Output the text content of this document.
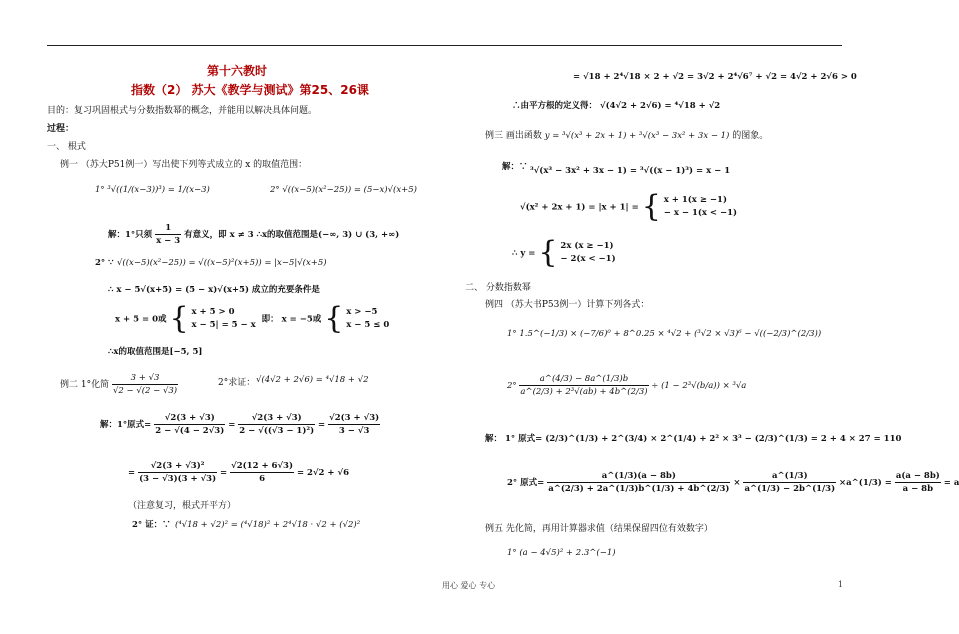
第十六教时
指数（2） 苏大《教学与测试》第25、26课
目的：复习巩固根式与分数指数幂的概念，并能用以解决具体问题。
过程：
一、 根式
例一 （苏大P51例一）写出使下列等式成立的 x 的取值范围：
1° ³√((1/(x−3))³) = 1/(x−3)	2° √((x−5)(x²−25)) = (5−x)√(x+5)
解：1°只须 $\frac{1}{x - 3}$ 有意义，即 x ≠ 3 ∴x的取值范围是(−∞, 3) ∪ (3, +∞)
2° ∵ √((x−5)(x²−25)) = √((x−5)²(x+5)) = |x−5|√(x+5)
∴ x − 5√(x+5) = (5 − x)√(x+5) 成立的充要条件是
x + 5 = 0或 { x + 5 > 0
x − 5| = 5 − x
即： x = −5或 { x > −5
x − 5 ≤ 0
∴x的取值范围是[−5, 5]
例二 1°化简 $\frac{3 + √3}{√2 - √(2 - √3)}$	2°求证： √(4√2 + 2√6) = ⁴√18 + √2
解：1°原式= $\frac{√2(3 + √3)}{2 - √(4 - 2√3)} = \frac{√2(3 + √3)}{\text{2 − √((√3 − 1)²)}} = \frac{√2(3 + √3)}{3 - √3}$
= $\frac{\text{√2(3 + √3)²}}{(3 - √3)(3 + √3)} = \frac{√2(12 + 6√3)}{6} = 2√2 + √6$
（注意复习，根式开平方）
2° 证：∵ (⁴√18 + √2)² = (⁴√18)² + 2⁴√18 · √2 + (√2)²
= √18 + 2⁴√18 × 2 + √2 = 3√2 + 2⁴√6⁷ + √2 = 4√2 + 2√6 > 0
∴由平方根的定义得： √(4√2 + 2√6) = ⁴√18 + √2
例三 画出函数 y = ³√(x³ + 2x + 1) + ³√(x³ − 3x² + 3x − 1) 的图象。
解：∵ ³√(x³ − 3x² + 3x − 1) = ³√((x − 1)³) = x − 1
√(x² + 2x + 1) = |x + 1| = { x + 1(x ≥ −1)
− x − 1(x < −1)
∴ y = { 2x (x ≥ −1)
− 2(x < −1)
二、 分数指数幂
例四 （苏大书P53例一）计算下列各式：
1° 1.5^(−1/3) × (−7/6)⁰ + 8^0.25 × ⁴√2 + (³√2 × √3)⁶ − √((−2/3)^(2/3))
$2^\circ \frac{a\^{}(4/3) - 8a\^{}(1/3)b}{\text{a\textasciicircum{}(2/3) + 2³√(ab) + 4b\textasciicircum{}(2/3)}} \div (1 - 2^3√(b/a)) \times ^3√a$
解： 1° 原式= (2/3)^(1/3) + 2^(3/4) × 2^(1/4) + 2² × 3³ − (2/3)^(1/3) = 2 + 4 × 27 = 110
2° 原式= $\frac{a\^{}(1/3)(a - 8b)}{a\^{}(2/3) + 2a\^{}(1/3)b\^{}(1/3) + 4b\^{}(2/3)} \times \frac{a\^{}(1/3)}{a\^{}(1/3) - 2b\^{}(1/3)}$ ×a^(1/3) = $\frac{a(a - 8b)}{a - 8b} = a$
例五 先化简，再用计算器求值（结果保留四位有效数字）
1° (a − 4√5)² + 2.3^(−1)
用心 爱心 专心	1
